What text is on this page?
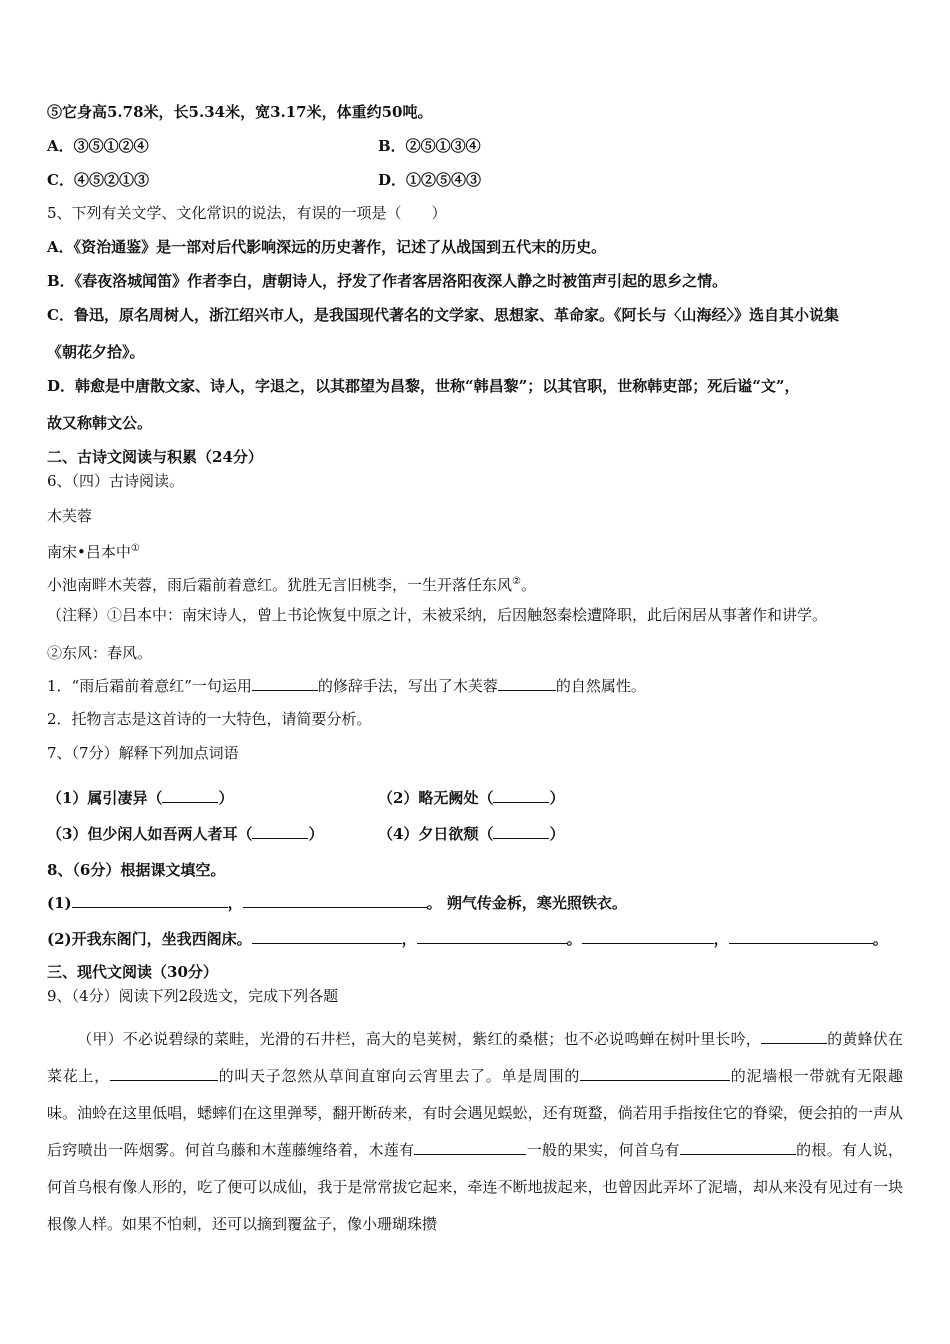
⑤它身高5.78米，长5.34米，宽3.17米，体重约50吨。
A．③⑤①②④	B．②⑤①③④
C．④⑤②①③	D．①②⑤④③
5、下列有关文学、文化常识的说法，有误的一项是（　　）
A．《资治通鉴》是一部对后代影响深远的历史著作，记述了从战国到五代末的历史。
B．《春夜洛城闻笛》作者李白，唐朝诗人，抒发了作者客居洛阳夜深人静之时被笛声引起的思乡之情。
C．鲁迅，原名周树人，浙江绍兴市人，是我国现代著名的文学家、思想家、革命家。《阿长与〈山海经〉》选自其小说集
《朝花夕拾》。
D．韩愈是中唐散文家、诗人，字退之，以其郡望为昌黎，世称“韩昌黎”；以其官职，世称韩吏部；死后谥“文”，
故又称韩文公。
二、古诗文阅读与积累（24分）
6、（四）古诗阅读。
木芙蓉
南宋•吕本中①
小池南畔木芙蓉，雨后霜前着意红。犹胜无言旧桃李，一生开落任东风②。
（注释）①吕本中：南宋诗人，曾上书论恢复中原之计，未被采纳，后因触怒秦桧遭降职，此后闲居从事著作和讲学。
②东风：春风。
1．“雨后霜前着意红”一句运用	的修辞手法，写出了木芙蓉	的自然属性。
2．托物言志是这首诗的一大特色，请简要分析。
7、（7分）解释下列加点词语
（1）属引凄异（	）	（2）略无阙处（	）
（3）但少闲人如吾两人者耳（	）	（4）夕日欲颓（	）
8、（6分）根据课文填空。
(1)	，	。 朔气传金柝，寒光照铁衣。
(2)开我东阁门，坐我西阁床。	，	。	，	。
三、现代文阅读（30分）
9、（4分）阅读下列2段选文，完成下列各题
（甲）不必说碧绿的菜畦，光滑的石井栏，高大的皂荚树，紫红的桑椹；也不必说鸣蝉在树叶里长吟，	的黄蜂伏在菜花上，	的叫天子忽然从草间直窜向云宵里去了。单是周围的	的泥墙根一带就有无限趣味。油蛉在这里低唱，蟋蟀们在这里弹琴，翻开断砖来，有时会遇见蜈蚣，还有斑蝥，倘若用手指按住它的脊梁，便会拍的一声从后窍喷出一阵烟雾。何首乌藤和木莲藤缠络着，木莲有	一般的果实，何首乌有	的根。有人说，何首乌根有像人形的，吃了便可以成仙，我于是常常拔它起来，牵连不断地拔起来，也曾因此弄坏了泥墙，却从来没有见过有一块根像人样。如果不怕刺，还可以摘到覆盆子，像小珊瑚珠攒
